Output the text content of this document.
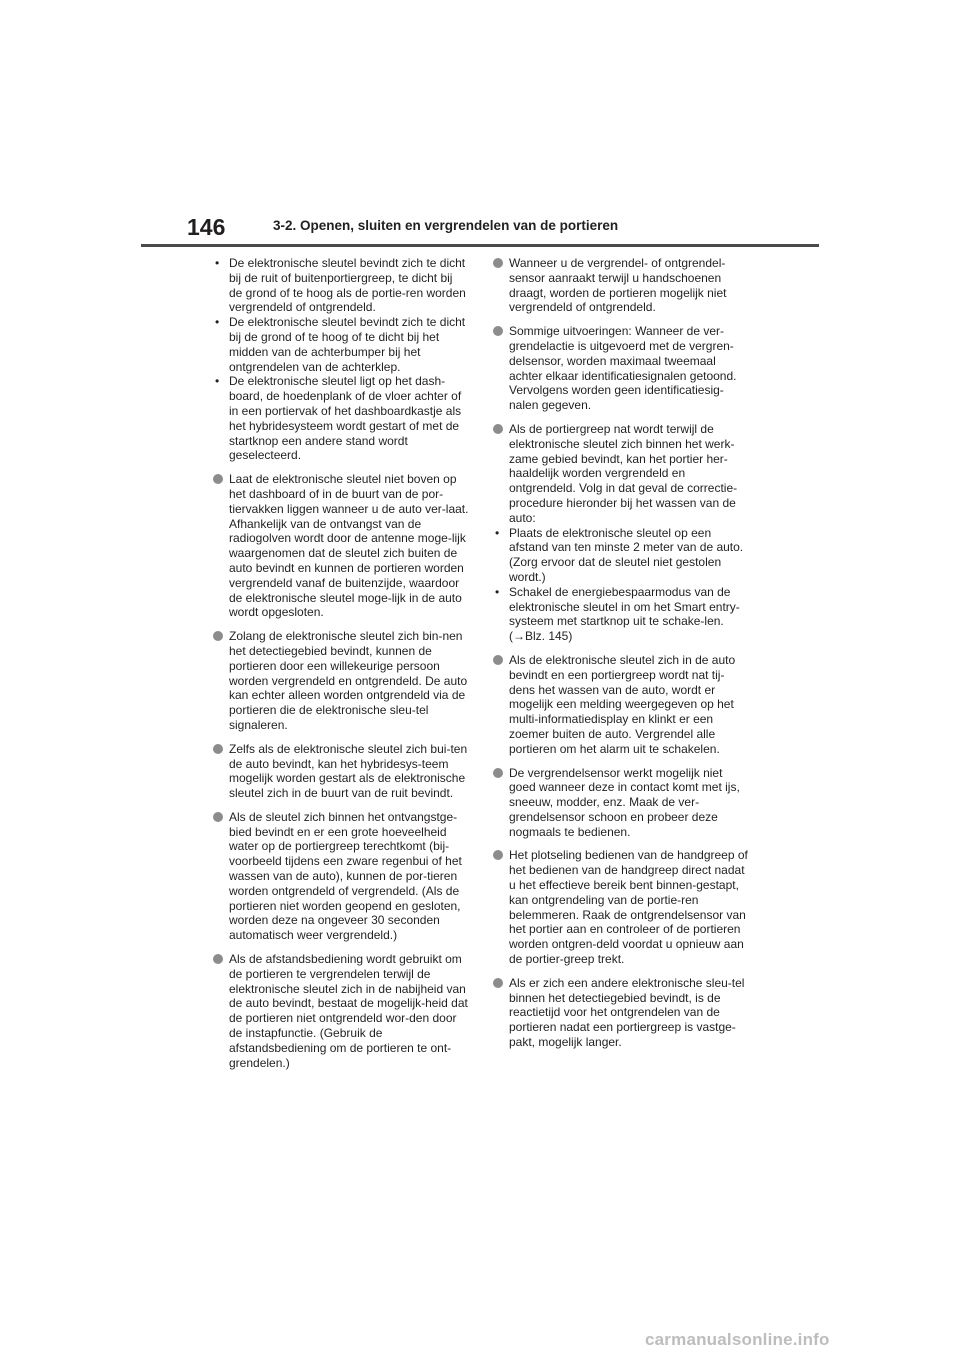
146	3-2. Openen, sluiten en vergrendelen van de portieren
• De elektronische sleutel bevindt zich te dicht bij de ruit of buitenportiergreep, te dicht bij de grond of te hoog als de portie-ren worden vergrendeld of ontgrendeld.
• De elektronische sleutel bevindt zich te dicht bij de grond of te hoog of te dicht bij het midden van de achterbumper bij het ontgrendelen van de achterklep.
• De elektronische sleutel ligt op het dash-board, de hoedenplank of de vloer achter of in een portiervak of het dashboardkastje als het hybridesysteem wordt gestart of met de startknop een andere stand wordt geselecteerd.
Laat de elektronische sleutel niet boven op het dashboard of in de buurt van de por-tiervakken liggen wanneer u de auto ver-laat. Afhankelijk van de ontvangst van de radiogolven wordt door de antenne moge-lijk waargenomen dat de sleutel zich buiten de auto bevindt en kunnen de portieren worden vergrendeld vanaf de buitenzijde, waardoor de elektronische sleutel moge-lijk in de auto wordt opgesloten.
Zolang de elektronische sleutel zich bin-nen het detectiegebied bevindt, kunnen de portieren door een willekeurige persoon worden vergrendeld en ontgrendeld. De auto kan echter alleen worden ontgrendeld via de portieren die de elektronische sleu-tel signaleren.
Zelfs als de elektronische sleutel zich bui-ten de auto bevindt, kan het hybridesys-teem mogelijk worden gestart als de elektronische sleutel zich in de buurt van de ruit bevindt.
Als de sleutel zich binnen het ontvangstge-bied bevindt en er een grote hoeveelheid water op de portiergreep terechtkomt (bij-voorbeeld tijdens een zware regenbui of het wassen van de auto), kunnen de por-tieren worden ontgrendeld of vergrendeld. (Als de portieren niet worden geopend en gesloten, worden deze na ongeveer 30 seconden automatisch weer vergrendeld.)
Als de afstandsbediening wordt gebruikt om de portieren te vergrendelen terwijl de elektronische sleutel zich in de nabijheid van de auto bevindt, bestaat de mogelijk-heid dat de portieren niet ontgrendeld wor-den door de instapfunctie. (Gebruik de afstandsbediening om de portieren te ont-grendelen.)
Wanneer u de vergrendel- of ontgrendel-sensor aanraakt terwijl u handschoenen draagt, worden de portieren mogelijk niet vergrendeld of ontgrendeld.
Sommige uitvoeringen: Wanneer de ver-grendelactie is uitgevoerd met de vergren-delsensor, worden maximaal tweemaal achter elkaar identificatiesignalen getoond. Vervolgens worden geen identificatiesig-nalen gegeven.
Als de portiergreep nat wordt terwijl de elektronische sleutel zich binnen het werk-zame gebied bevindt, kan het portier her-haaldelijk worden vergrendeld en ontgrendeld. Volg in dat geval de correctie-procedure hieronder bij het wassen van de auto:
• Plaats de elektronische sleutel op een afstand van ten minste 2 meter van de auto. (Zorg ervoor dat de sleutel niet gestolen wordt.)
• Schakel de energiebespaarmodus van de elektronische sleutel in om het Smart entry-systeem met startknop uit te schake-len. (→Blz. 145)
Als de elektronische sleutel zich in de auto bevindt en een portiergreep wordt nat tij-dens het wassen van de auto, wordt er mogelijk een melding weergegeven op het multi-informatiedisplay en klinkt er een zoemer buiten de auto. Vergrendel alle portieren om het alarm uit te schakelen.
De vergrendelsensor werkt mogelijk niet goed wanneer deze in contact komt met ijs, sneeuw, modder, enz. Maak de ver-grendelsensor schoon en probeer deze nogmaals te bedienen.
Het plotseling bedienen van de handgreep of het bedienen van de handgreep direct nadat u het effectieve bereik bent binnen-gestapt, kan ontgrendeling van de portie-ren belemmeren. Raak de ontgrendelsensor van het portier aan en controleer of de portieren worden ontgren-deld voordat u opnieuw aan de portier-greep trekt.
Als er zich een andere elektronische sleu-tel binnen het detectiegebied bevindt, is de reactietijd voor het ontgrendelen van de portieren nadat een portiergreep is vastge-pakt, mogelijk langer.
carmanualsonline.info
